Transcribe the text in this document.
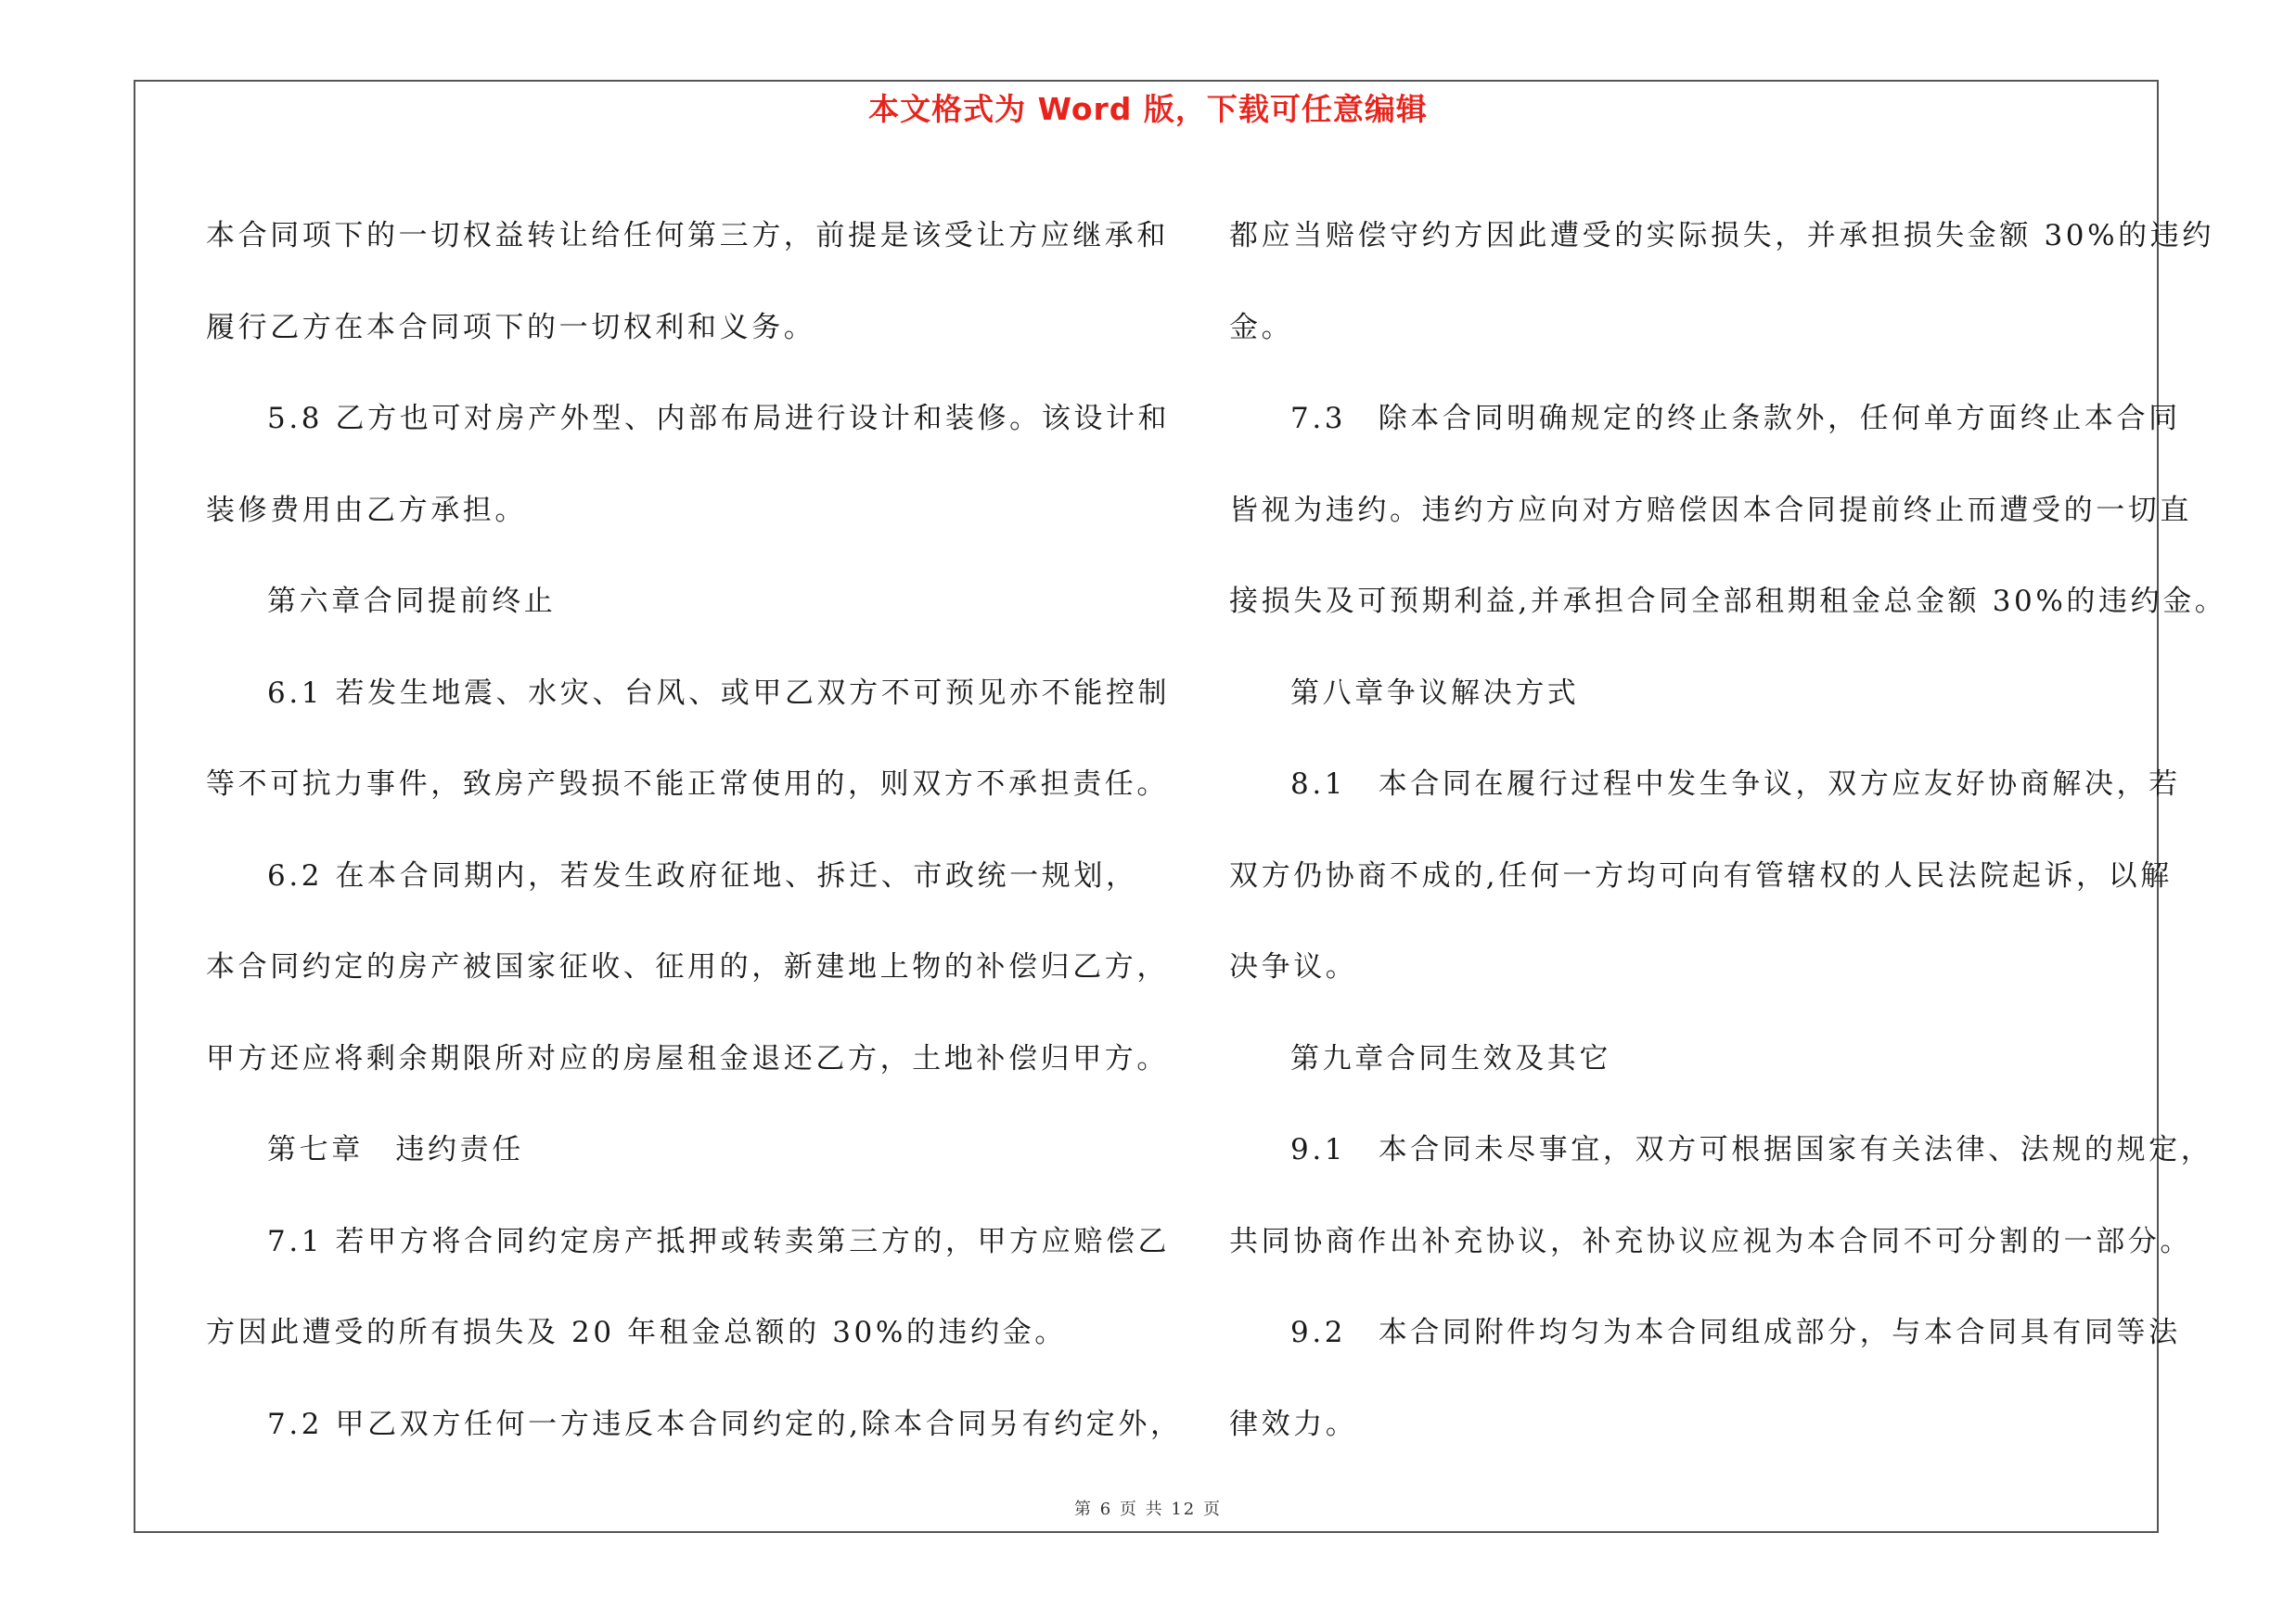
本文格式为 Word 版，下载可任意编辑

本合同项下的一切权益转让给任何第三方，前提是该受让方应继承和

履行乙方在本合同项下的一切权利和义务。

5.8 乙方也可对房产外型、内部布局进行设计和装修。该设计和

装修费用由乙方承担。

第六章合同提前终止

6.1 若发生地震、水灾、台风、或甲乙双方不可预见亦不能控制

等不可抗力事件，致房产毁损不能正常使用的，则双方不承担责任。

6.2 在本合同期内，若发生政府征地、拆迁、市政统一规划，

本合同约定的房产被国家征收、征用的，新建地上物的补偿归乙方，

甲方还应将剩余期限所对应的房屋租金退还乙方，土地补偿归甲方。

第七章　违约责任

7.1 若甲方将合同约定房产抵押或转卖第三方的，甲方应赔偿乙

方因此遭受的所有损失及 20 年租金总额的 30%的违约金。

7.2 甲乙双方任何一方违反本合同约定的,除本合同另有约定外，

都应当赔偿守约方因此遭受的实际损失，并承担损失金额 30%的违约

金。

7.3　除本合同明确规定的终止条款外，任何单方面终止本合同

皆视为违约。违约方应向对方赔偿因本合同提前终止而遭受的一切直

接损失及可预期利益,并承担合同全部租期租金总金额 30%的违约金。

第八章争议解决方式

8.1　本合同在履行过程中发生争议，双方应友好协商解决，若

双方仍协商不成的,任何一方均可向有管辖权的人民法院起诉，以解

决争议。

第九章合同生效及其它

9.1　本合同未尽事宜，双方可根据国家有关法律、法规的规定，

共同协商作出补充协议，补充协议应视为本合同不可分割的一部分。

9.2　本合同附件均匀为本合同组成部分，与本合同具有同等法

律效力。

第 6 页 共 12 页
